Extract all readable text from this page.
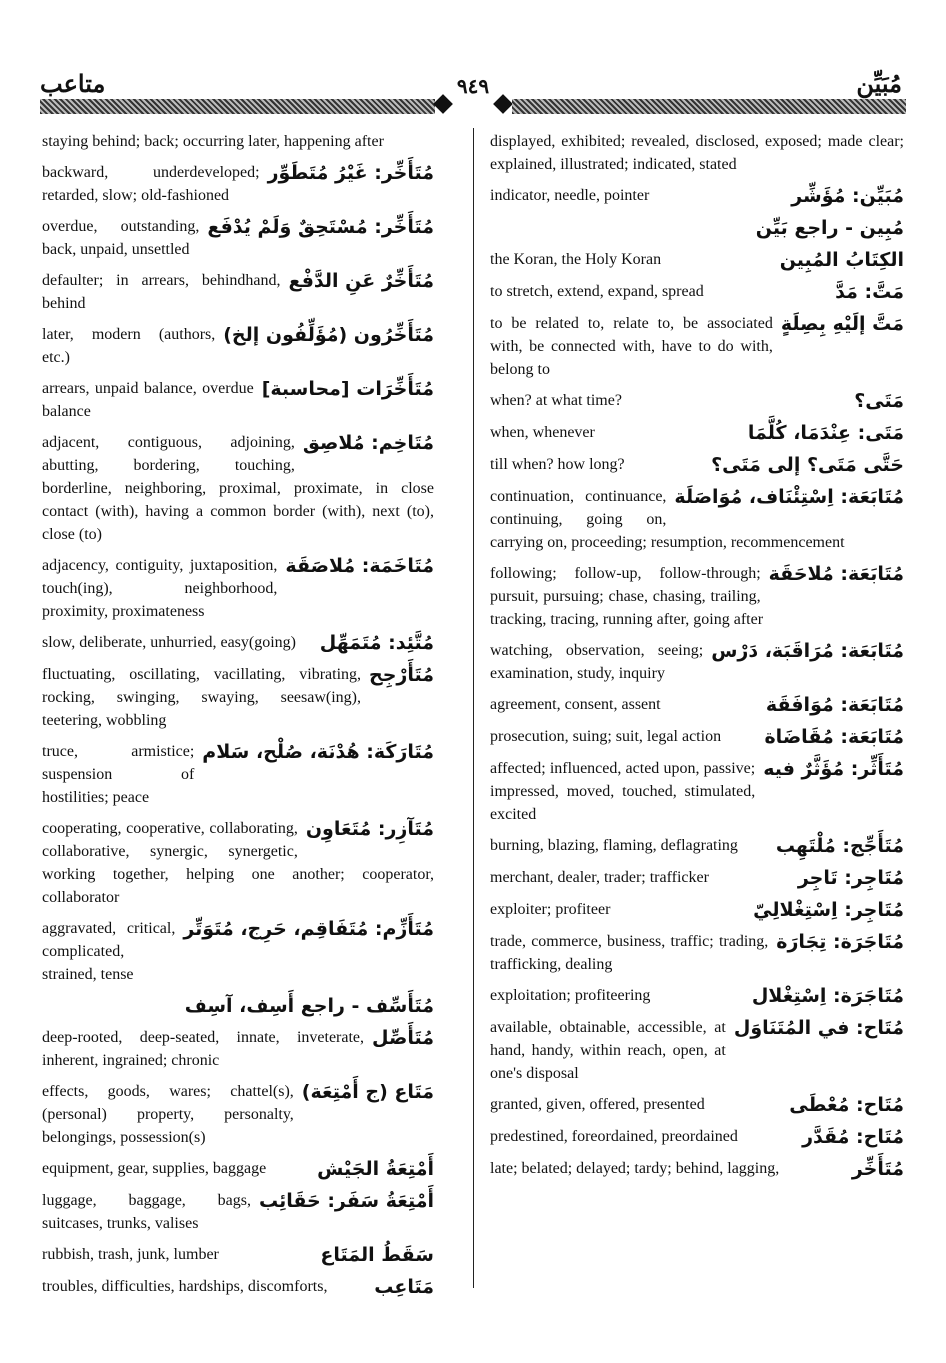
متاعب	٩٤٩	مُبَيِّن
staying behind; back; occurring later, happening after
مُتَأَخِّر: غَيْرُ مُتَطَوِّر
backward, underdeveloped; retarded, slow; old-fashioned
مُتَأَخِّر: مُسْتَحِقٌ وَلَمْ يُدْفَع
overdue, outstanding, back, unpaid, unsettled
مُتَأَخِّرٌ عَنِ الدَّفْع
defaulter; in arrears, behindhand, behind
مُتَأَخِّرُون (مُؤَلِّفُون إلخ)
later, modern (authors, etc.)
مُتَأَخِّرَات [محاسبة]
arrears, unpaid balance, overdue balance
مُتَاخِم: مُلاصِق
adjacent, contiguous, adjoining, abutting, bordering, touching, borderline, neighboring, proximal, proximate, in close contact (with), having a common border (with), next (to), close (to)
مُتَاخَمَة: مُلاصَقَة
adjacency, contiguity, juxtaposition, touch(ing), neighborhood, proximity, proximateness
مُتَّئِد: مُتَمَهِّل
slow, deliberate, unhurried, easy(going)
مُتَأَرْجِح
fluctuating, oscillating, vacillating, vibrating, rocking, swinging, swaying, seesaw(ing), teetering, wobbling
مُتَارَكَة: هُدْنَة، صُلْح، سَلام
truce, armistice; suspension of hostilities; peace
مُتَآزِر: مُتَعَاوِن
cooperating, cooperative, collaborating, collaborative, synergic, synergetic, working together, helping one another; cooperator, collaborator
مُتَأَزِّم: مُتَفَاقِم، حَرِج، مُتَوَتِّر
aggravated, critical, complicated, strained, tense
مُتَأَسِّف - راجع أَسِف، آسِف
مُتَأَصِّل
deep-rooted, deep-seated, innate, inveterate, inherent, ingrained; chronic
مَتَاع (ج أَمْتِعَة)
effects, goods, wares; chattel(s), (personal) property, personalty, belongings, possession(s)
أَمْتِعَةُ الجَيْش
equipment, gear, supplies, baggage
أَمْتِعَةُ سَفَر: حَقَائِب
luggage, baggage, bags, suitcases, trunks, valises
سَقَطُ المَتَاع
rubbish, trash, junk, lumber
مَتَاعِب
troubles, difficulties, hardships, discomforts,
displayed, exhibited; revealed, disclosed, exposed; made clear; explained, illustrated; indicated, stated
مُبَيِّن: مُؤَشِّر
indicator, needle, pointer
مُبِين - راجع بَيِّن
الكِتَابُ المُبِين
the Koran, the Holy Koran
مَتَّ: مَدَّ
to stretch, extend, expand, spread
مَتَّ إلَيْهِ بِصِلَةٍ
to be related to, relate to, be associated with, be connected with, have to do with, belong to
مَتَى؟
when? at what time?
مَتَى: عِنْدَمَا، كُلَّمَا
when, whenever
حَتَّى مَتَى؟ إلى مَتَى؟
till when? how long?
مُتَابَعَة: اِسْتِئْنَاف، مُوَاصَلَة
continuation, continuance, continuing, going on, carrying on, proceeding; resumption, recommencement
مُتَابَعَة: مُلاحَقَة
following; follow-up, follow-through; pursuit, pursuing; chase, chasing, trailing, tracking, tracing, running after, going after
مُتَابَعَة: مُرَاقَبَة، دَرْس
watching, observation, seeing; examination, study, inquiry
مُتَابَعَة: مُوَافَقَة
agreement, consent, assent
مُتَابَعَة: مُقَاضَاة
prosecution, suing; suit, legal action
مُتَأَثِّر: مُؤَثَّرٌ فيه
affected; influenced, acted upon, passive; impressed, moved, touched, stimulated, excited
مُتَأَجِّج: مُلْتَهِب
burning, blazing, flaming, deflagrating
مُتَاجِر: تَاجِر
merchant, dealer, trader; trafficker
مُتَاجِر: اِسْتِغْلالِيّ
exploiter; profiteer
مُتَاجَرَة: تِجَارَة
trade, commerce, business, traffic; trading, trafficking, dealing
مُتَاجَرَة: اِسْتِغْلال
exploitation; profiteering
مُتَاح: في المُتَنَاوَل
available, obtainable, accessible, at hand, handy, within reach, open, at one's disposal
مُتَاح: مُعْطَى
granted, given, offered, presented
مُتَاح: مُقَدَّر
predestined, foreordained, preordained
مُتَأَخِّر
late; belated; delayed; tardy; behind, lagging,
